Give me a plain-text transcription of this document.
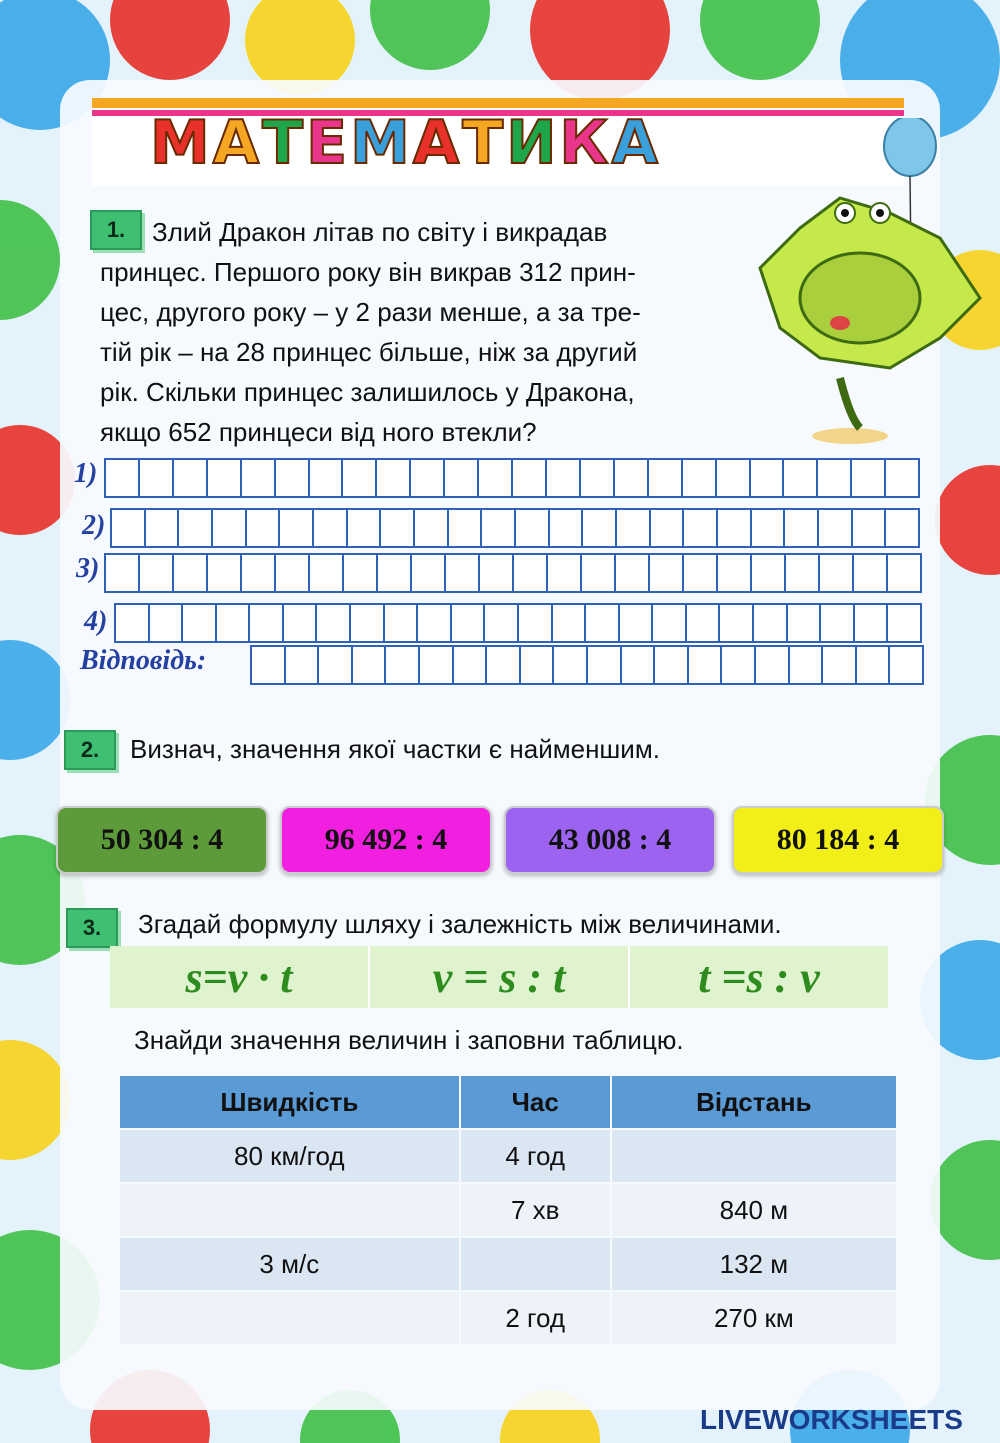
МАТЕМАТИКА
1.	Злий Дракон літав по світу і викрадав
принцес. Першого року він викрав 312 прин-
цес, другого року – у 2 рази менше, а за тре-
тій рік – на 28 принцес більше, ніж за другий
рік. Скільки принцес залишилось у Дракона,
якщо 652 принцеси від ного втекли?
1)
2)
3)
4)
Відповідь:
2.	Визнач, значення якої частки є найменшим.
50 304 : 4	96 492 : 4	43 008 : 4	80 184 : 4
3.	Згадай формулу шляху і залежність між величинами.
s=v · t	v = s : t	t =s : v
Знайди значення величин і заповни таблицю.
Швидкість	Час	Відстань
80 км/год	4 год	
	7 хв	840 м
3 м/с		132 м
	2 год	270 км
LIVEWORKSHEETS
